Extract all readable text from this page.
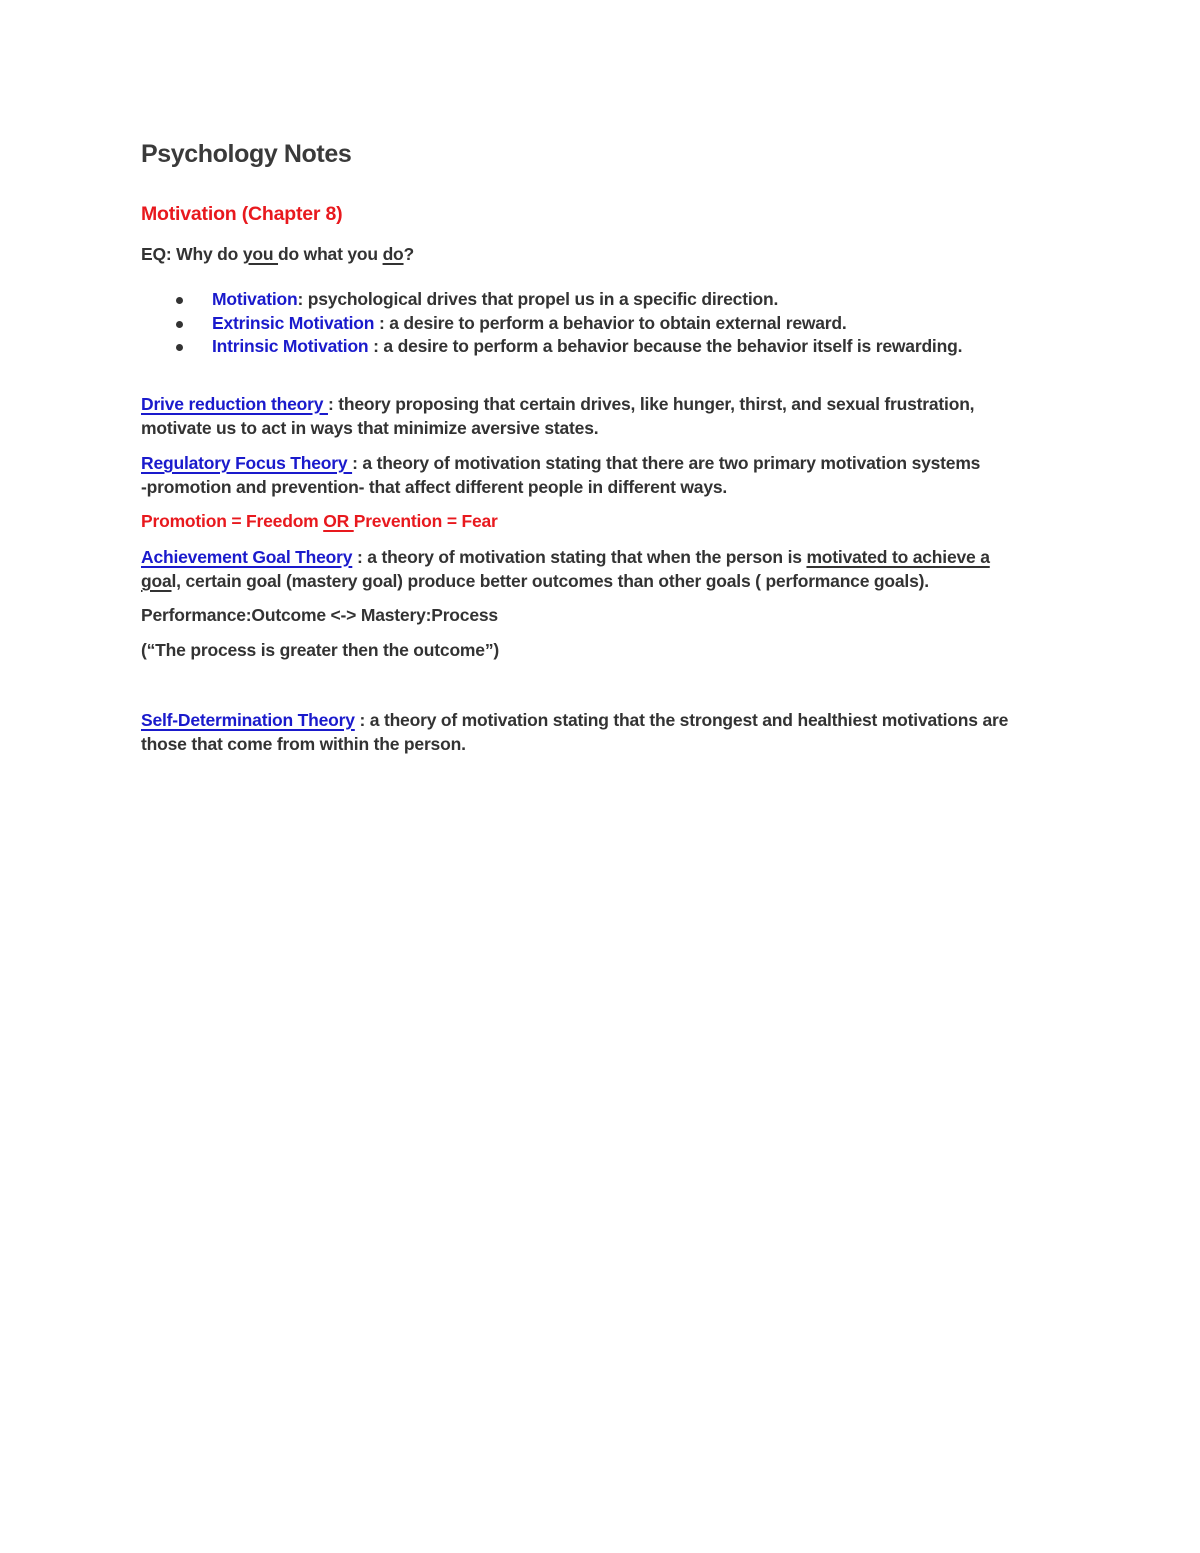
Psychology Notes
Motivation (Chapter 8)

EQ: Why do you do what you do?

Motivation: psychological drives that propel us in a specific direction.
Extrinsic Motivation : a desire to perform a behavior to obtain external reward.
Intrinsic Motivation : a desire to perform a behavior because the behavior itself is rewarding.
Drive reduction theory : theory proposing that certain drives, like hunger, thirst, and sexual frustration,
motivate us to act in ways that minimize aversive states.
Regulatory Focus Theory : a theory of motivation stating that there are two primary motivation systems
-promotion and prevention- that affect different people in different ways.

Promotion = Freedom OR Prevention = Fear

Achievement Goal Theory : a theory of motivation stating that when the person is motivated to achieve a
goal, certain goal (mastery goal) produce better outcomes than other goals ( performance goals).

Performance:Outcome <-> Mastery:Process

(“The process is greater then the outcome”)

Self-Determination Theory : a theory of motivation stating that the strongest and healthiest motivations are
those that come from within the person.
